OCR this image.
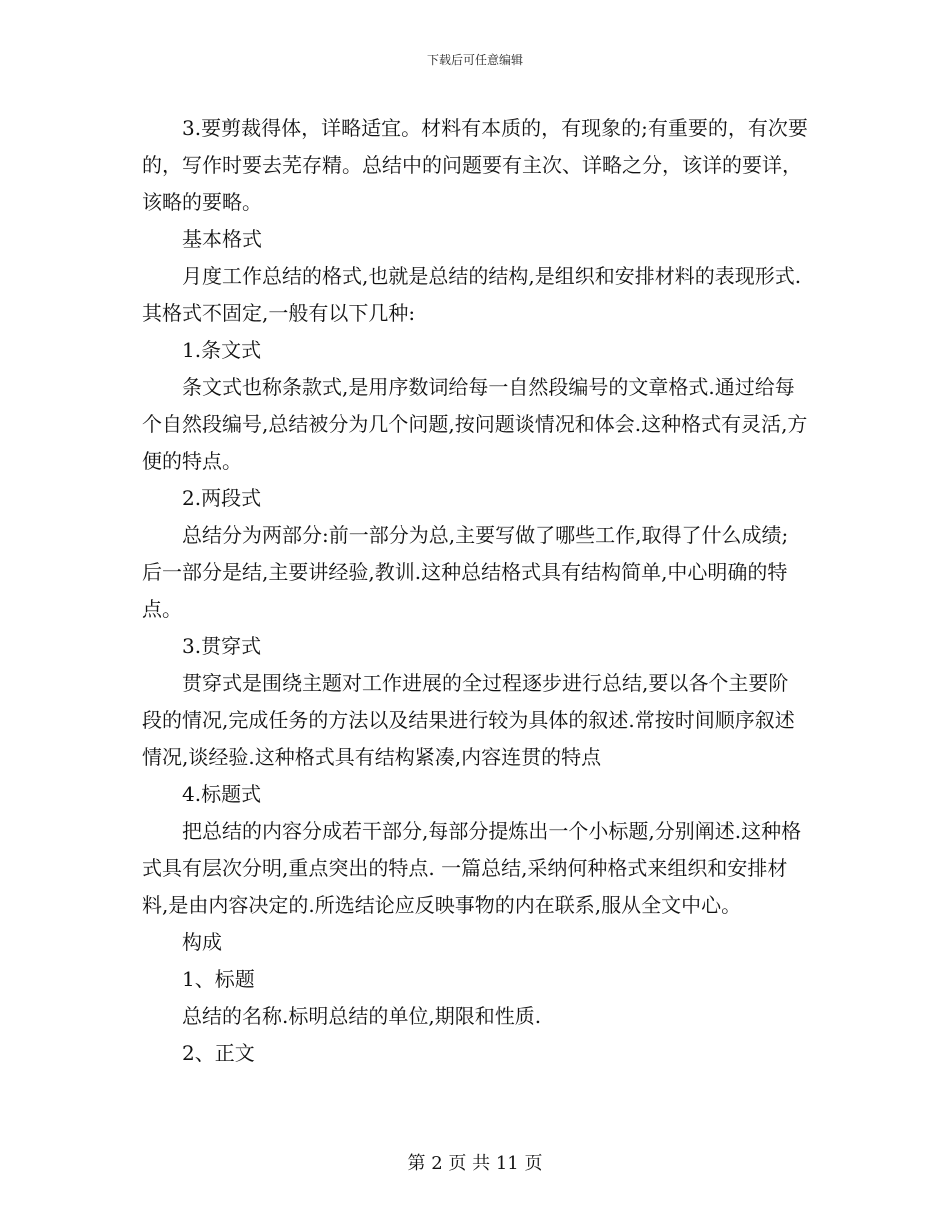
下载后可任意编辑

3.要剪裁得体，详略适宜。材料有本质的，有现象的;有重要的，有次要的，写作时要去芜存精。总结中的问题要有主次、详略之分，该详的要详，该略的要略。

基本格式

月度工作总结的格式,也就是总结的结构,是组织和安排材料的表现形式.其格式不固定,一般有以下几种:

1.条文式

条文式也称条款式,是用序数词给每一自然段编号的文章格式.通过给每个自然段编号,总结被分为几个问题,按问题谈情况和体会.这种格式有灵活,方便的特点。

2.两段式

总结分为两部分:前一部分为总,主要写做了哪些工作,取得了什么成绩;后一部分是结,主要讲经验,教训.这种总结格式具有结构简单,中心明确的特点。

3.贯穿式

贯穿式是围绕主题对工作进展的全过程逐步进行总结,要以各个主要阶段的情况,完成任务的方法以及结果进行较为具体的叙述.常按时间顺序叙述情况,谈经验.这种格式具有结构紧凑,内容连贯的特点

4.标题式

把总结的内容分成若干部分,每部分提炼出一个小标题,分别阐述.这种格式具有层次分明,重点突出的特点. 一篇总结,采纳何种格式来组织和安排材料,是由内容决定的.所选结论应反映事物的内在联系,服从全文中心。

构成

1、标题

总结的名称.标明总结的单位,期限和性质.

2、正文

第 2 页 共 11 页
